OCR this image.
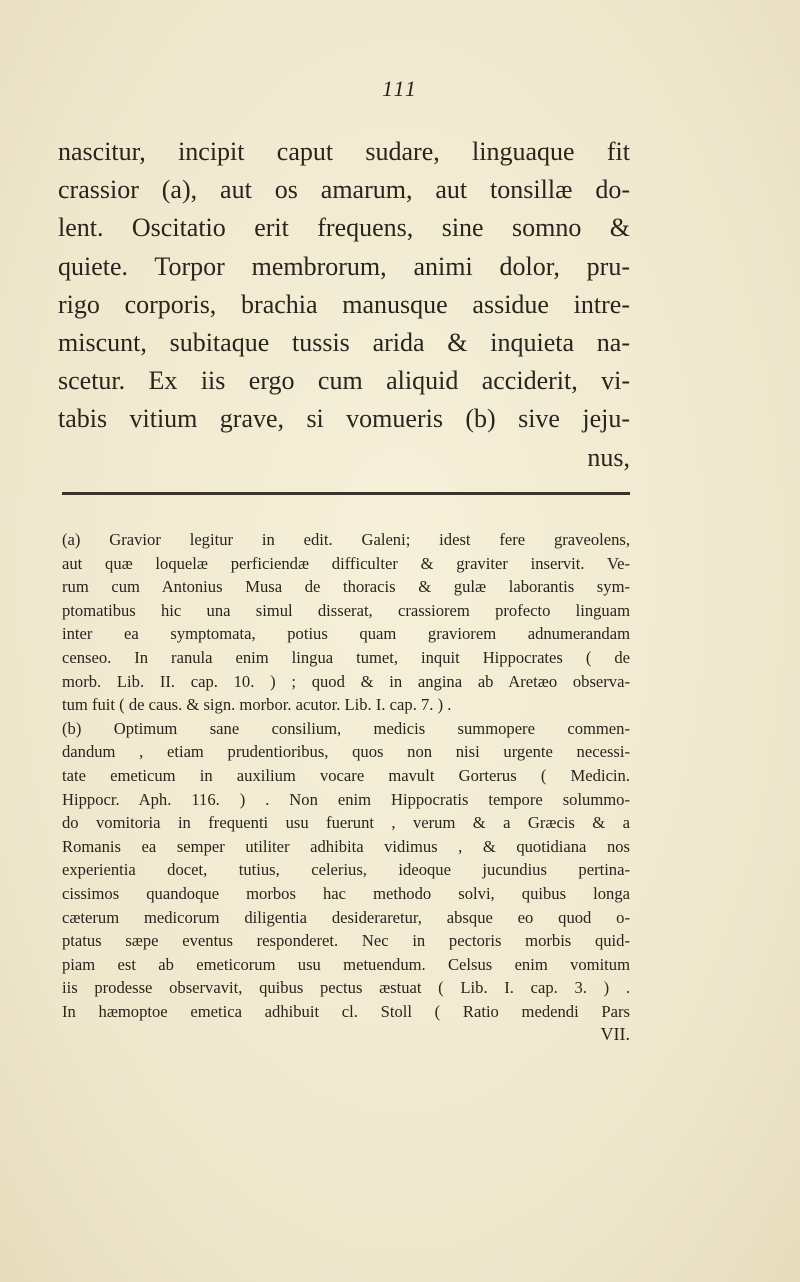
111
nascitur, incipit caput sudare, linguaque fit
crassior (a), aut os amarum, aut tonsillæ do-
lent. Oscitatio erit frequens, sine somno &
quiete. Torpor membrorum, animi dolor, pru-
rigo corporis, brachia manusque assidue intre-
miscunt, subitaque tussis arida & inquieta na-
scetur. Ex iis ergo cum aliquid acciderit, vi-
tabis vitium grave, si vomueris (b) sive jeju-
nus,
(a) Gravior legitur in edit. Galeni; idest fere graveolens,
aut quæ loquelæ perficiendæ difficulter & graviter inservit. Ve-
rum cum Antonius Musa de thoracis & gulæ laborantis sym-
ptomatibus hic una simul disserat, crassiorem profecto linguam
inter ea symptomata, potius quam graviorem adnumerandam
censeo. In ranula enim lingua tumet, inquit Hippocrates ( de
morb. Lib. II. cap. 10. ) ; quod & in angina ab Aretæo observa-
tum fuit ( de caus. & sign. morbor. acutor. Lib. I. cap. 7. ) .
(b) Optimum sane consilium, medicis summopere commen-
dandum , etiam prudentioribus, quos non nisi urgente necessi-
tate emeticum in auxilium vocare mavult Gorterus ( Medicin.
Hippocr. Aph. 116. ) . Non enim Hippocratis tempore solummo-
do vomitoria in frequenti usu fuerunt , verum & a Græcis & a
Romanis ea semper utiliter adhibita vidimus , & quotidiana nos
experientia docet, tutius, celerius, ideoque jucundius pertina-
cissimos quandoque morbos hac methodo solvi, quibus longa
cæterum medicorum diligentia desideraretur, absque eo quod o-
ptatus sæpe eventus responderet. Nec in pectoris morbis quid-
piam est ab emeticorum usu metuendum. Celsus enim vomitum
iis prodesse observavit, quibus pectus æstuat ( Lib. I. cap. 3. ) .
In hæmoptoe emetica adhibuit cl. Stoll ( Ratio medendi Pars
VII.
